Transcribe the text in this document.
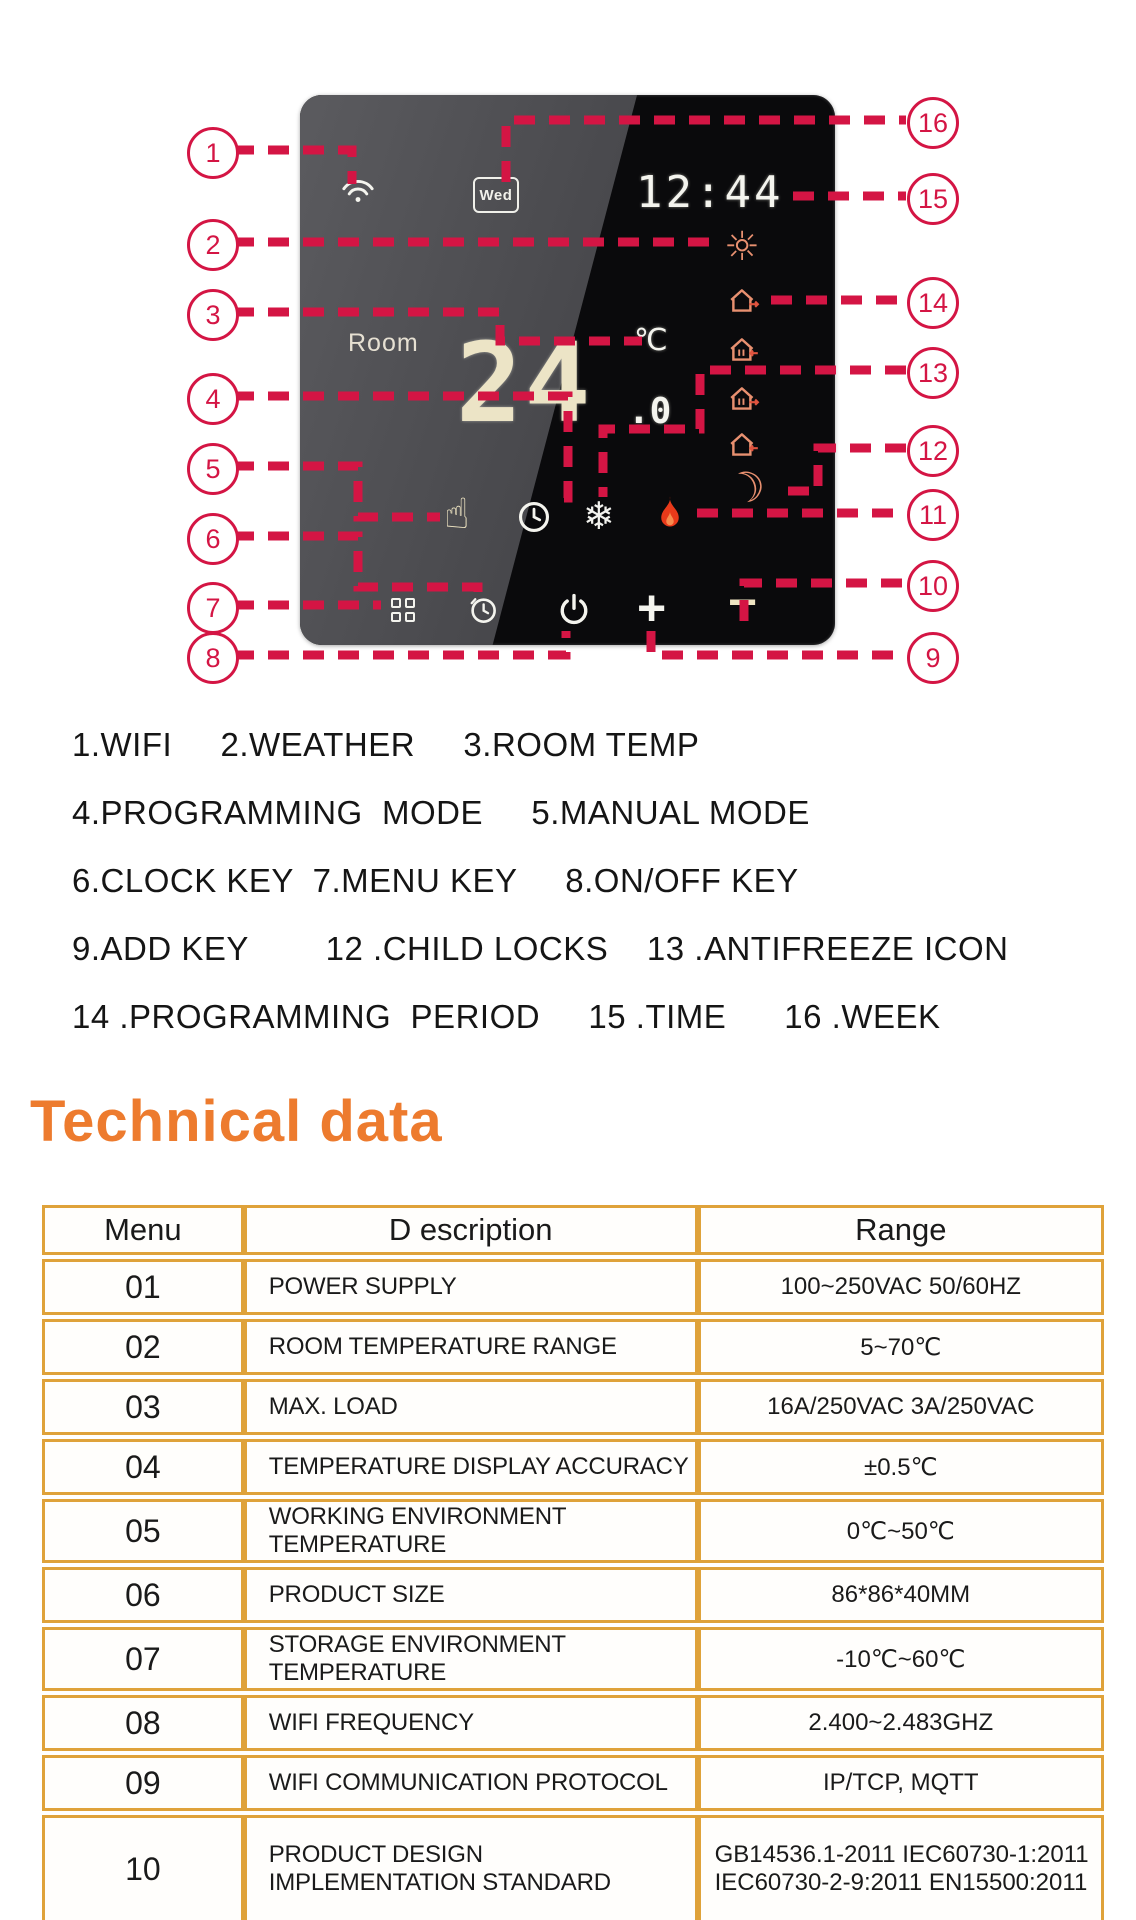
Wed	12:44
☼
☾
Room 24 ℃
.0
☝	❄
+ −
1
2
3
4
5
6
7
8	9
10
11
12
13
14
15
16
1.WIFI     2.WEATHER     3.ROOM TEMP
4.PROGRAMMING  MODE     5.MANUAL MODE
6.CLOCK KEY  7.MENU KEY     8.ON/OFF KEY
9.ADD KEY        12 .CHILD LOCKS    13 .ANTIFREEZE ICON
14 .PROGRAMMING  PERIOD     15 .TIME      16 .WEEK
Technical data
Menu	D escription	Range
01	POWER SUPPLY	100~250VAC 50/60HZ
02	ROOM TEMPERATURE RANGE	5~70℃
03	MAX. LOAD	16A/250VAC 3A/250VAC
04	TEMPERATURE DISPLAY ACCURACY	±0.5℃
05	WORKING ENVIRONMENT TEMPERATURE	0℃~50℃
06	PRODUCT SIZE	86*86*40MM
07	STORAGE ENVIRONMENT TEMPERATURE	-10℃~60℃
08	WIFI FREQUENCY	2.400~2.483GHZ
09	WIFI COMMUNICATION PROTOCOL	IP/TCP, MQTT
10	PRODUCT DESIGN IMPLEMENTATION STANDARD	GB14536.1-2011 IEC60730-1:2011 IEC60730-2-9:2011 EN15500:2011
